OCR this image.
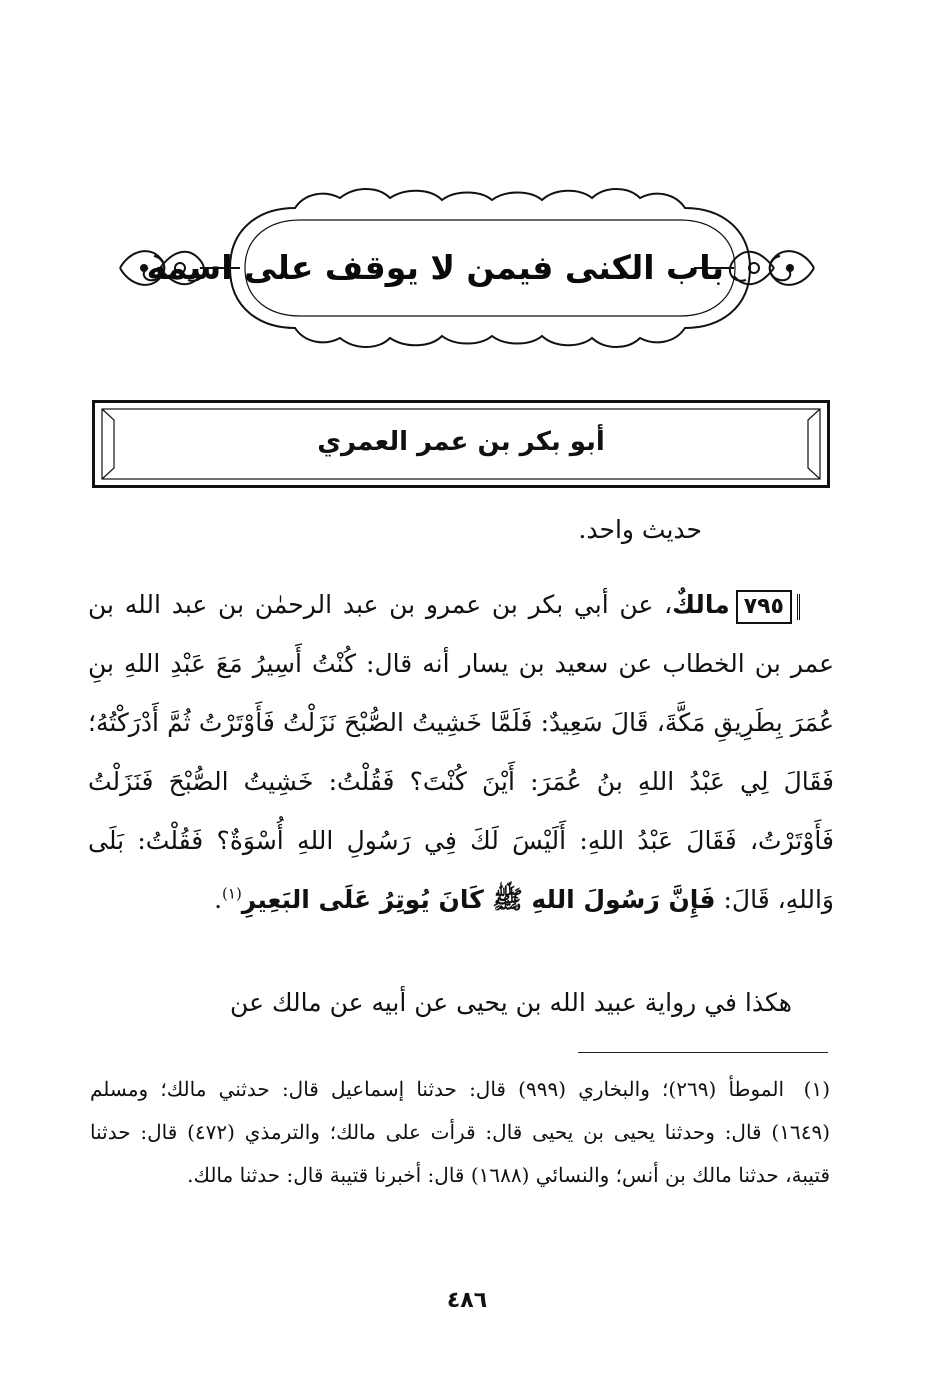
باب الكنى فيمن لا يوقف على اسمه
أبو بكر بن عمر العمري
حديث واحد.
٧٩٥مالكٌ، عن أبي بكر بن عمرو بن عبد الرحمٰن بن عبد الله بن عمر بن الخطاب عن سعيد بن يسار أنه قال: كُنْتُ أَسِيرُ مَعَ عَبْدِ اللهِ بنِ عُمَرَ بِطَرِيقِ مَكَّةَ، قَالَ سَعِيدٌ: فَلَمَّا خَشِيتُ الصُّبْحَ نَزَلْتُ فَأَوْتَرْتُ ثُمَّ أَدْرَكْتُهُ؛ فَقَالَ لِي عَبْدُ اللهِ بنُ عُمَرَ: أَيْنَ كُنْتَ؟ فَقُلْتُ: خَشِيتُ الصُّبْحَ فَنَزَلْتُ فَأَوْتَرْتُ، فَقَالَ عَبْدُ اللهِ: أَلَيْسَ لَكَ فِي رَسُولِ اللهِ أُسْوَةٌ؟ فَقُلْتُ: بَلَى وَاللهِ، قَالَ: فَإِنَّ رَسُولَ اللهِ ﷺ كَانَ يُوتِرُ عَلَى البَعِيرِ$^{(١)}$.
هكذا في رواية عبيد الله بن يحيى عن أبيه عن مالك عن
(١)الموطأ (٢٦٩)؛ والبخاري (٩٩٩) قال: حدثنا إسماعيل قال: حدثني مالك؛ ومسلم (١٦٤٩) قال: وحدثنا يحيى بن يحيى قال: قرأت على مالك؛ والترمذي (٤٧٢) قال: حدثنا قتيبة، حدثنا مالك بن أنس؛ والنسائي (١٦٨٨) قال: أخبرنا قتيبة قال: حدثنا مالك.
٤٨٦
